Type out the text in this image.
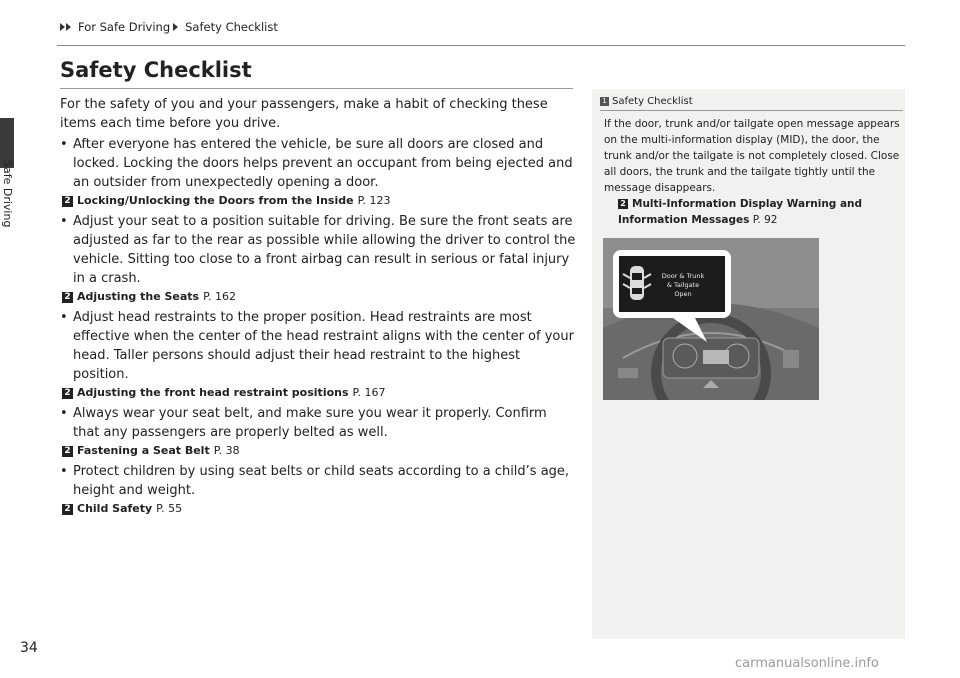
Safe Driving
For Safe Driving Safety Checklist
Safety Checklist

For the safety of you and your passengers, make a habit of checking these items each time before you drive.

• After everyone has entered the vehicle, be sure all doors are closed and locked. Locking the doors helps prevent an occupant from being ejected and an outsider from unexpectedly opening a door.
2 Locking/Unlocking the Doors from the Inside P. 123
• Adjust your seat to a position suitable for driving. Be sure the front seats are adjusted as far to the rear as possible while allowing the driver to control the vehicle. Sitting too close to a front airbag can result in serious or fatal injury in a crash.
2 Adjusting the Seats P. 162
• Adjust head restraints to the proper position. Head restraints are most effective when the center of the head restraint aligns with the center of your head. Taller persons should adjust their head restraint to the highest position.
2 Adjusting the front head restraint positions P. 167
• Always wear your seat belt, and make sure you wear it properly. Confirm that any passengers are properly belted as well.
2 Fastening a Seat Belt P. 38
• Protect children by using seat belts or child seats according to a child’s age, height and weight.
2 Child Safety P. 55
1 Safety Checklist
If the door, trunk and/or tailgate open message appears on the multi-information display (MID), the door, the trunk and/or the tailgate is not completely closed. Close all doors, the trunk and the tailgate tightly until the message disappears.
2 Multi-Information Display Warning and Information Messages P. 92
Door & Trunk
& Tailgate
Open
34
carmanualsonline.info
